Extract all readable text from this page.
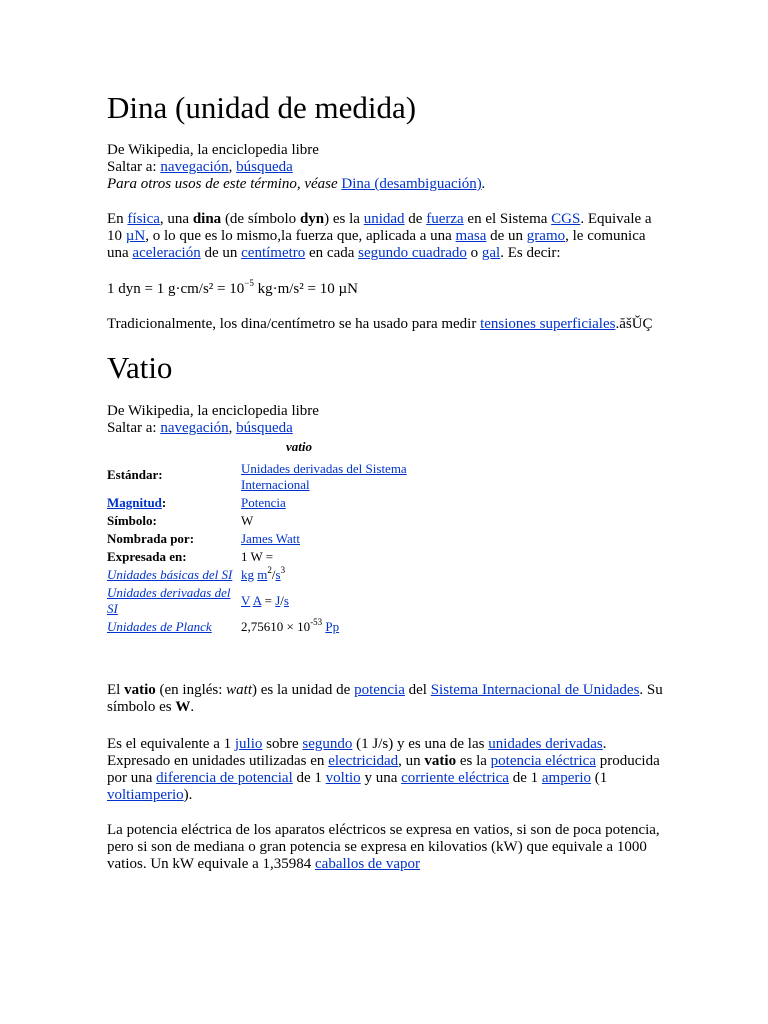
Dina (unidad de medida)
De Wikipedia, la enciclopedia libre
Saltar a: navegación, búsqueda
Para otros usos de este término, véase Dina (desambiguación).

En física, una dina (de símbolo dyn) es la unidad de fuerza en el Sistema CGS. Equivale a 10 µN, o lo que es lo mismo,la fuerza que, aplicada a una masa de un gramo, le comunica una aceleración de un centímetro en cada segundo cuadrado o gal. Es decir:

1 dyn = 1 $g\cdot cm/s^2 = 10^{-5}$ kg·m/s² = 10 µN
Tradicionalmente, los dina/centímetro se ha usado para medir tensiones superficiales.ăšŬÇ
Vatio
De Wikipedia, la enciclopedia libre
Saltar a: navegación, búsqueda
vatio	
Estándar:	Unidades derivadas del Sistema Internacional
Magnitud:	Potencia
Símbolo:	W
Nombrada por:	James Watt
Expresada en:	1 W =
Unidades básicas del SI	kg $m^2/s^3$
Unidades derivadas del SI	V A = J/s
Unidades de Planck	$2,75610 \times 10^{-53}$ Pp

El vatio (en inglés: watt) es la unidad de potencia del Sistema Internacional de Unidades. Su símbolo es W.

Es el equivalente a 1 julio sobre segundo (1 J/s) y es una de las unidades derivadas. Expresado en unidades utilizadas en electricidad, un vatio es la potencia eléctrica producida por una diferencia de potencial de 1 voltio y una corriente eléctrica de 1 amperio (1 voltiamperio).

La potencia eléctrica de los aparatos eléctricos se expresa en vatios, si son de poca potencia, pero si son de mediana o gran potencia se expresa en kilovatios (kW) que equivale a 1000 vatios. Un kW equivale a 1,35984 caballos de vapor
